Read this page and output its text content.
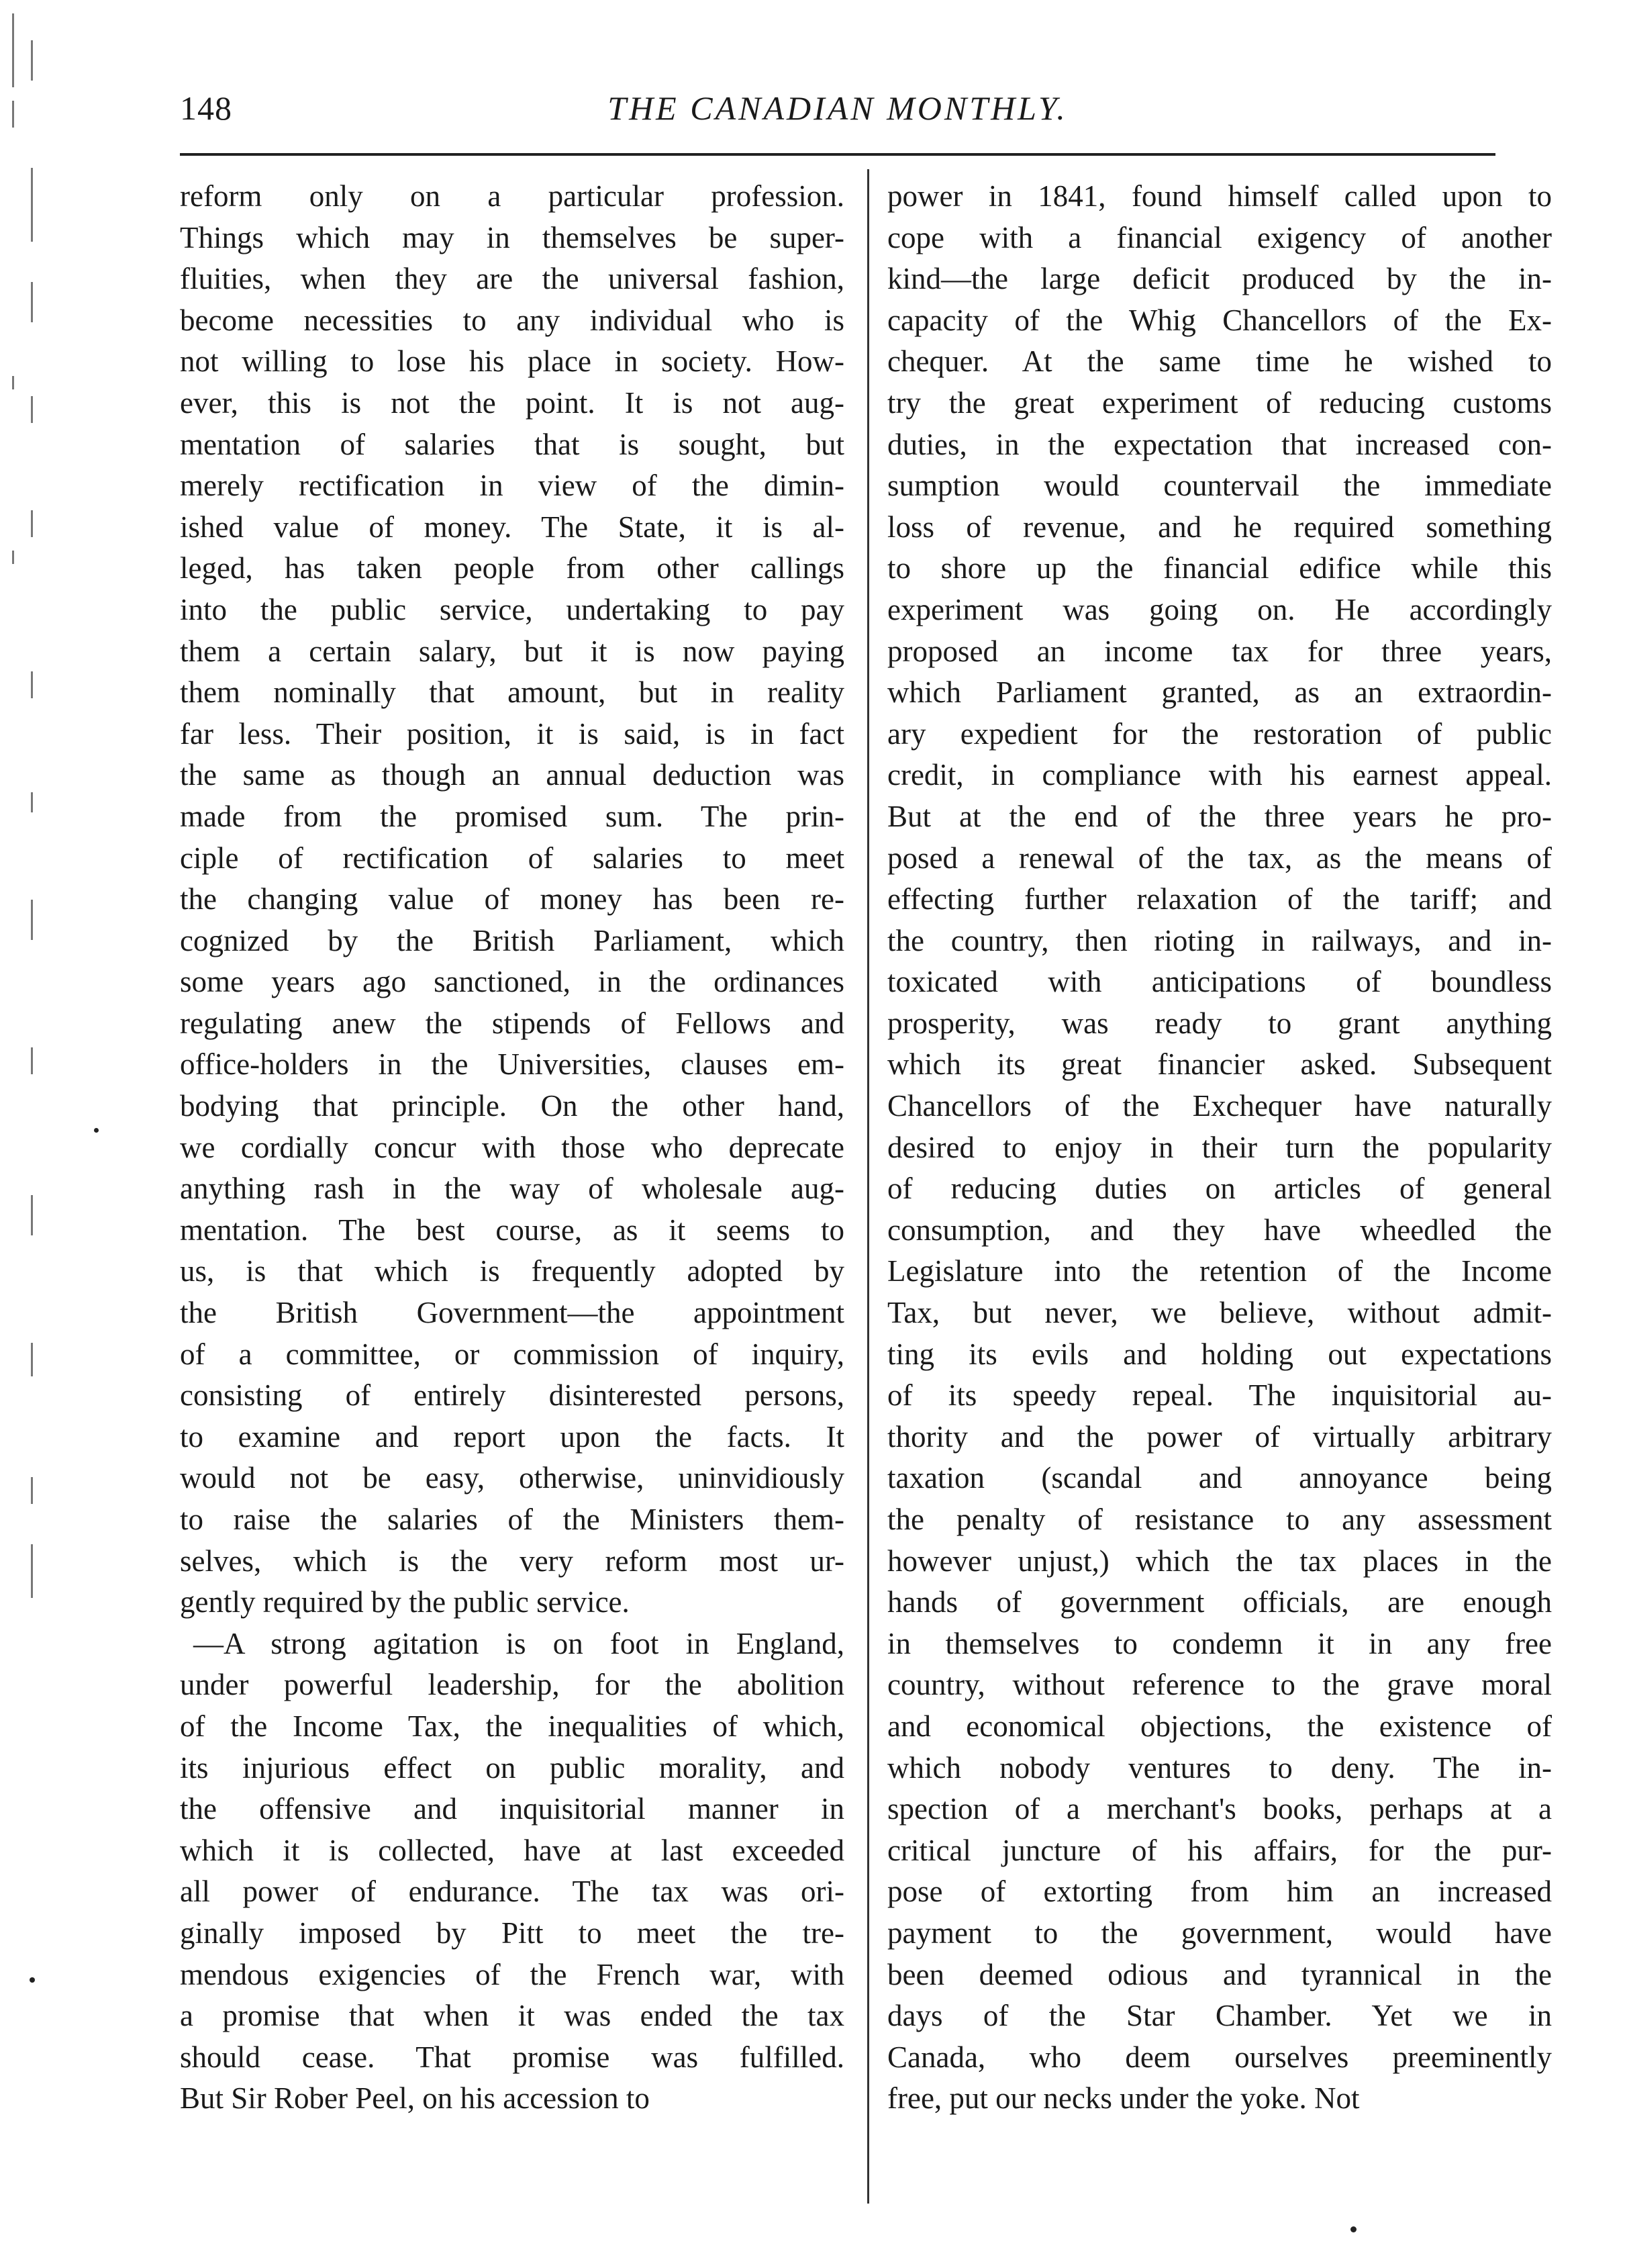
148	THE CANADIAN MONTHLY.
reform only on a particular profession.
Things which may in themselves be super-
fluities, when they are the universal fashion,
become necessities to any individual who is
not willing to lose his place in society. How-
ever, this is not the point. It is not aug-
mentation of salaries that is sought, but
merely rectification in view of the dimin-
ished value of money. The State, it is al-
leged, has taken people from other callings
into the public service, undertaking to pay
them a certain salary, but it is now paying
them nominally that amount, but in reality
far less. Their position, it is said, is in fact
the same as though an annual deduction was
made from the promised sum. The prin-
ciple of rectification of salaries to meet
the changing value of money has been re-
cognized by the British Parliament, which
some years ago sanctioned, in the ordinances
regulating anew the stipends of Fellows and
office-holders in the Universities, clauses em-
bodying that principle. On the other hand,
we cordially concur with those who deprecate
anything rash in the way of wholesale aug-
mentation. The best course, as it seems to
us, is that which is frequently adopted by
the British Government—the appointment
of a committee, or commission of inquiry,
consisting of entirely disinterested persons,
to examine and report upon the facts. It
would not be easy, otherwise, uninvidiously
to raise the salaries of the Ministers them-
selves, which is the very reform most ur-
gently required by the public service.
—A strong agitation is on foot in England,
under powerful leadership, for the abolition
of the Income Tax, the inequalities of which,
its injurious effect on public morality, and
the offensive and inquisitorial manner in
which it is collected, have at last exceeded
all power of endurance. The tax was ori-
ginally imposed by Pitt to meet the tre-
mendous exigencies of the French war, with
a promise that when it was ended the tax
should cease. That promise was fulfilled.
But Sir Rober Peel, on his accession to
power in 1841, found himself called upon to
cope with a financial exigency of another
kind—the large deficit produced by the in-
capacity of the Whig Chancellors of the Ex-
chequer. At the same time he wished to
try the great experiment of reducing customs
duties, in the expectation that increased con-
sumption would countervail the immediate
loss of revenue, and he required something
to shore up the financial edifice while this
experiment was going on. He accordingly
proposed an income tax for three years,
which Parliament granted, as an extraordin-
ary expedient for the restoration of public
credit, in compliance with his earnest appeal.
But at the end of the three years he pro-
posed a renewal of the tax, as the means of
effecting further relaxation of the tariff; and
the country, then rioting in railways, and in-
toxicated with anticipations of boundless
prosperity, was ready to grant anything
which its great financier asked. Subsequent
Chancellors of the Exchequer have naturally
desired to enjoy in their turn the popularity
of reducing duties on articles of general
consumption, and they have wheedled the
Legislature into the retention of the Income
Tax, but never, we believe, without admit-
ting its evils and holding out expectations
of its speedy repeal. The inquisitorial au-
thority and the power of virtually arbitrary
taxation (scandal and annoyance being
the penalty of resistance to any assessment
however unjust,) which the tax places in the
hands of government officials, are enough
in themselves to condemn it in any free
country, without reference to the grave moral
and economical objections, the existence of
which nobody ventures to deny. The in-
spection of a merchant's books, perhaps at a
critical juncture of his affairs, for the pur-
pose of extorting from him an increased
payment to the government, would have
been deemed odious and tyrannical in the
days of the Star Chamber. Yet we in
Canada, who deem ourselves preeminently
free, put our necks under the yoke. Not
